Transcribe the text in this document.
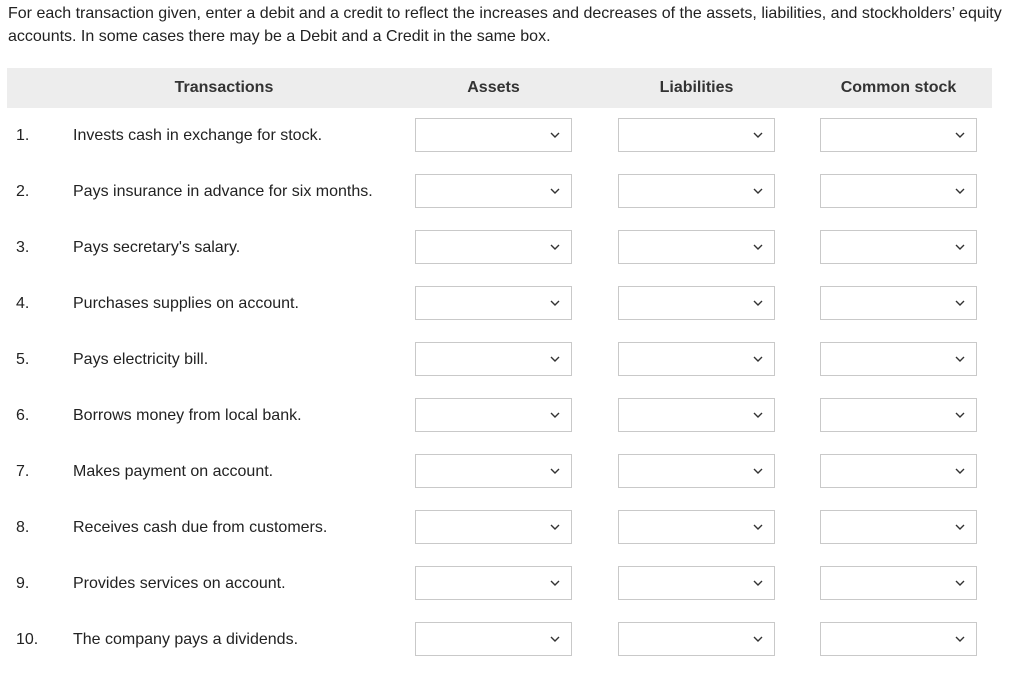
For each transaction given, enter a debit and a credit to reflect the increases and decreases of the assets, liabilities, and stockholders’ equity accounts. In some cases there may be a Debit and a Credit in the same box.
Transactions	Assets	Liabilities	Common stock
1.	Invests cash in exchange for stock.
2.	Pays insurance in advance for six months.
3.	Pays secretary's salary.
4.	Purchases supplies on account.
5.	Pays electricity bill.
6.	Borrows money from local bank.
7.	Makes payment on account.
8.	Receives cash due from customers.
9.	Provides services on account.
10. The company pays a dividends.
